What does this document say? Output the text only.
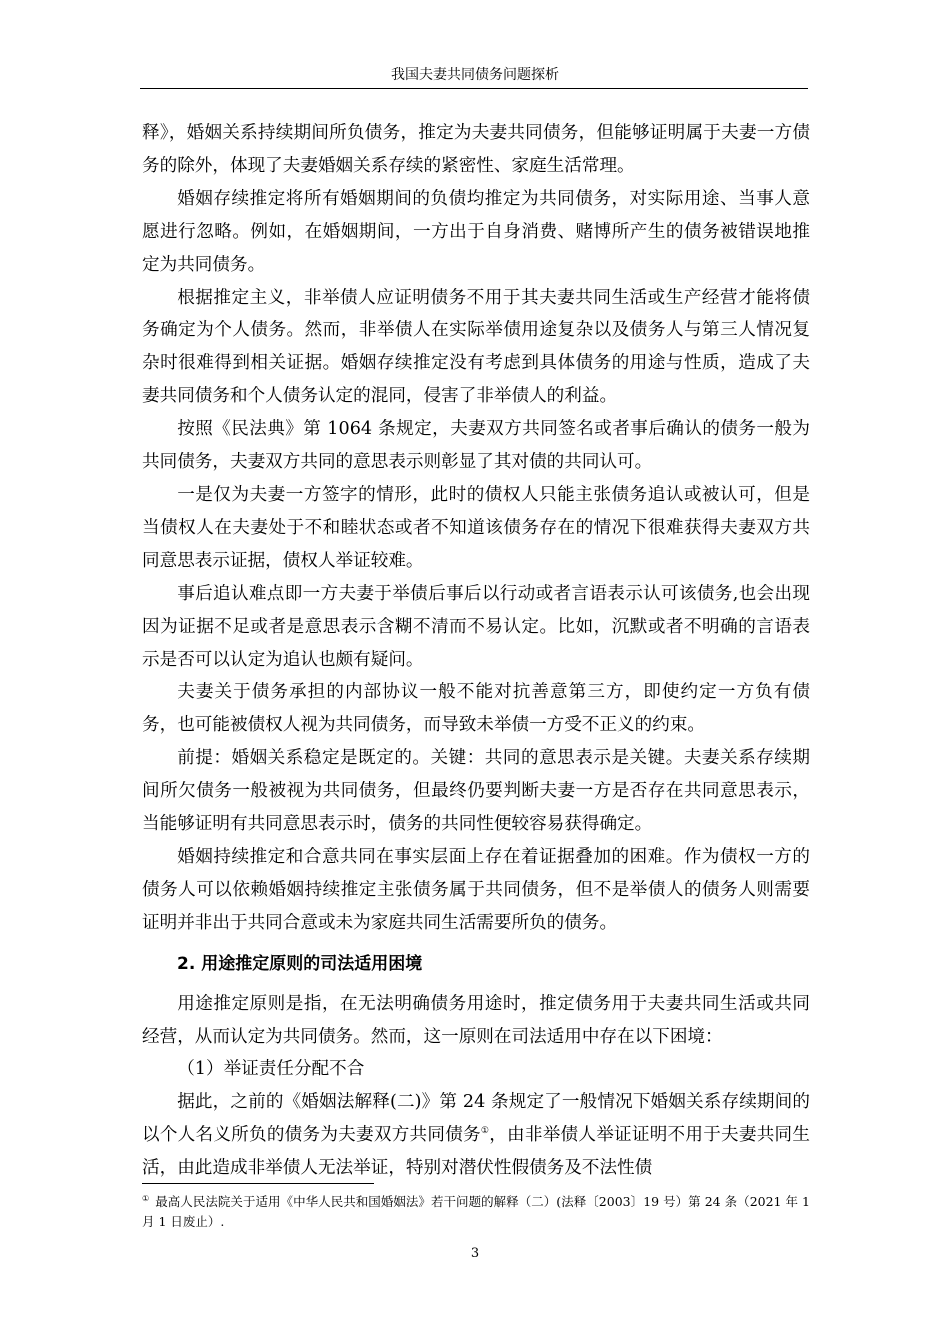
我国夫妻共同债务问题探析

释》，婚姻关系持续期间所负债务，推定为夫妻共同债务，但能够证明属于夫妻一方债务的除外，体现了夫妻婚姻关系存续的紧密性、家庭生活常理。

婚姻存续推定将所有婚姻期间的负债均推定为共同债务，对实际用途、当事人意愿进行忽略。例如，在婚姻期间，一方出于自身消费、赌博所产生的债务被错误地推定为共同债务。

根据推定主义，非举债人应证明债务不用于其夫妻共同生活或生产经营才能将债务确定为个人债务。然而，非举债人在实际举债用途复杂以及债务人与第三人情况复杂时很难得到相关证据。婚姻存续推定没有考虑到具体债务的用途与性质，造成了夫妻共同债务和个人债务认定的混同，侵害了非举债人的利益。

按照《民法典》第 1064 条规定，夫妻双方共同签名或者事后确认的债务一般为共同债务，夫妻双方共同的意思表示则彰显了其对债的共同认可。

一是仅为夫妻一方签字的情形，此时的债权人只能主张债务追认或被认可，但是当债权人在夫妻处于不和睦状态或者不知道该债务存在的情况下很难获得夫妻双方共同意思表示证据，债权人举证较难。

事后追认难点即一方夫妻于举债后事后以行动或者言语表示认可该债务,也会出现因为证据不足或者是意思表示含糊不清而不易认定。比如，沉默或者不明确的言语表示是否可以认定为追认也颇有疑问。

夫妻关于债务承担的内部协议一般不能对抗善意第三方，即使约定一方负有债务，也可能被债权人视为共同债务，而导致未举债一方受不正义的约束。

前提：婚姻关系稳定是既定的。关键：共同的意思表示是关键。夫妻关系存续期间所欠债务一般被视为共同债务，但最终仍要判断夫妻一方是否存在共同意思表示，当能够证明有共同意思表示时，债务的共同性便较容易获得确定。

婚姻持续推定和合意共同在事实层面上存在着证据叠加的困难。作为债权一方的债务人可以依赖婚姻持续推定主张债务属于共同债务，但不是举债人的债务人则需要证明并非出于共同合意或未为家庭共同生活需要所负的债务。

2. 用途推定原则的司法适用困境

用途推定原则是指，在无法明确债务用途时，推定债务用于夫妻共同生活或共同经营，从而认定为共同债务。然而，这一原则在司法适用中存在以下困境：

（1）举证责任分配不合

据此，之前的《婚姻法解释(二)》第 24 条规定了一般情况下婚姻关系存续期间的以个人名义所负的债务为夫妻双方共同债务①，由非举债人举证证明不用于夫妻共同生活，由此造成非举债人无法举证，特别对潜伏性假债务及不法性债

① 最高人民法院关于适用《中华人民共和国婚姻法》若干问题的解释（二）(法释〔2003〕19 号）第 24 条（2021 年 1 月 1 日废止）.
3
